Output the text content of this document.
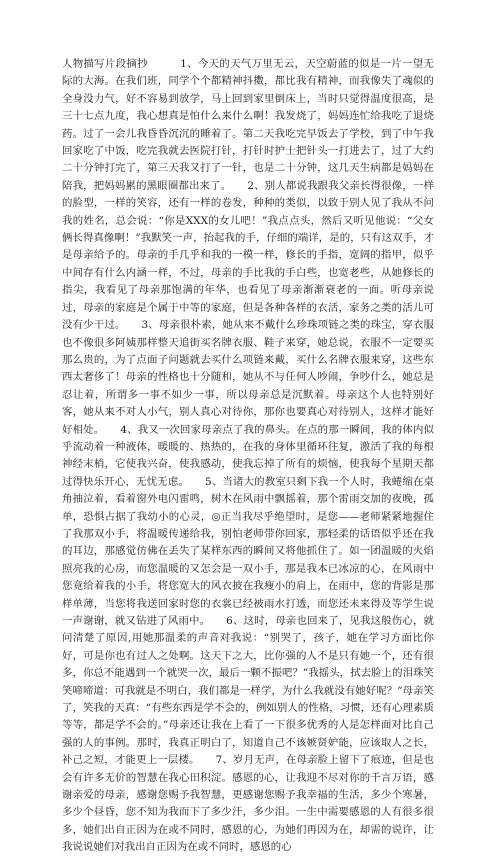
人物描写片段摘抄　　　1、今天的天气万里无云，天空蔚蓝的似是一片一望无际的大海。在我们班，同学个个都精神抖擞，都比我有精神，而我像失了魂似的全身没力气，好不容易到放学，马上回到家里倒床上，当时只觉得温度很高，是三十七点九度，我心想真是怕什么来什么啊！我发烧了，妈妈连忙给我吃了退烧药。过了一会儿我昏昏沉沉的睡着了。第二天我吃完早饭去了学校，到了中午我回家吃了中饭，吃完我就去医院打针，打针时护士把针头一打进去了，过了大约二十分钟打完了，第三天我又打了一针，也是二十分钟，这几天生病都是妈妈在陪我，把妈妈累的黑眼圈都出来了。　　2、别人都说我跟我父亲长得很像，一样的脸型，一样的笑容，还有一样的卷发，种种的类似，以致于别人见了我从不问我的姓名，总会说：“你是XXX的女儿吧！”我点点头，然后又听见他说：“父女俩长得真像啊！”我默笑一声，抬起我的手，仔细的端详，是的，只有这双手，才是母亲给予的。母亲的手几乎和我的一模一样，修长的手指，宽阔的指甲，似乎中间存有什么内涵一样，不过，母亲的手比我的手白些，也宽老些，从她修长的指尖，我看见了母亲那饱满的年华，也看见了母亲渐渐衰老的一面。听母亲说过，母亲的家庭是个属于中等的家庭，但是各种各样的衣活，家务之类的活儿可没有少干过。　　3、母亲很朴素，她从来不戴什么珍珠项链之类的珠宝，穿衣服也不像很多阿姨那样整天追街买名牌衣服、鞋子来穿，她总说，衣服不一定要买那么贵的，为了点面子问题就去买什么项链来戴，买什么名牌衣服来穿，这些东西太奢侈了！母亲的性格也十分随和，她从不与任何人吵闹，争吵什么，她总是忍让着，所谓多一事不如少一事，所以母亲总是沉默着。母亲这个人也特别好客，她从来不对人小气，别人真心对待你，那你也要真心对待别人，这样才能好好相处。　　4、我又一次回家母亲点了我的鼻头。在点的那一瞬间，我的体内似乎流动着一种液体，暖暖的、热热的，在我的身体里循环往复，激活了我的每根神经末梢，它使我兴奋，使我感动，使我忘掉了所有的烦恼，使我每个星期天都过得快乐开心，无忧无虑。　　5、当诸大的教室只剩下我一个人时，我蜷缩在桌角抽泣着，看着窗外电闪雷鸣，树木在风雨中飘摇着，那个雷雨交加的夜晚，孤单，恐惧占据了我幼小的心灵，◎正当我尽乎绝望时，是您——老师紧紧地握住了我那双小手，将温暖传递给我，别怕老师带你回家，那轻柔的话语似乎还在我的耳边，那感觉仿佛在丢失了某样东西的瞬间又将他抓住了。如一团温暖的火焰照亮我的心房，而您温暖的又怎会是一双小手，那是我本已冰凉的心，在风雨中您竟给着我的小手，将您宽大的风衣披在我瘦小的肩上，在雨中，您的背影是那样单薄，当您将我送回家时您的衣裳已经被雨水打透，而您还未来得及等学生说一声谢谢，就又钻进了风雨中。　　6、这时，母亲也回来了，见我这般伤心，就问清楚了原因,用她那温柔的声音对我说：“别哭了，孩子，她在学习方面比你好，可是你也有过人之处啊。这天下之大，比你强的人不是只有她一个，还有很多，你总不能遇到一个就哭一次，最后一颗不振吧？”我摇头，拭去脸上的泪珠笑笑啼啼道：可我就是不明白，我们都是一样学，为什么我就没有她好呢？”母亲笑了，笑我的天真：“有些东西是学不会的，例如别人的性格，习惯，还有心理素质等等，都是学不会的。”母亲还让我在上看了一下很多优秀的人是怎样面对比自己强的人的事例。那时，我真正明白了，知道自己不该嫉贤妒能，应该取人之长，补己之短，才能更上一层楼。　　7、岁月无声，在母亲脸上留下了痕迹，但是也会有许多无价的智慧在我心田积淀。感恩的心，让我迎不尽对你的千言万语，感谢亲爱的母亲，感谢您赐予我智慧，更感谢您赐予我幸福的生活，多少个寒暑，多少个昼昏，您不知为我而下了多少汗，多少泪。一生中需要感恩的人有很多很多，她们出自正因为在或不同时，感恩的心，为她们再因为在，却需的说许，让我说说她们对我出自正因为在或不同时，感恩的心
